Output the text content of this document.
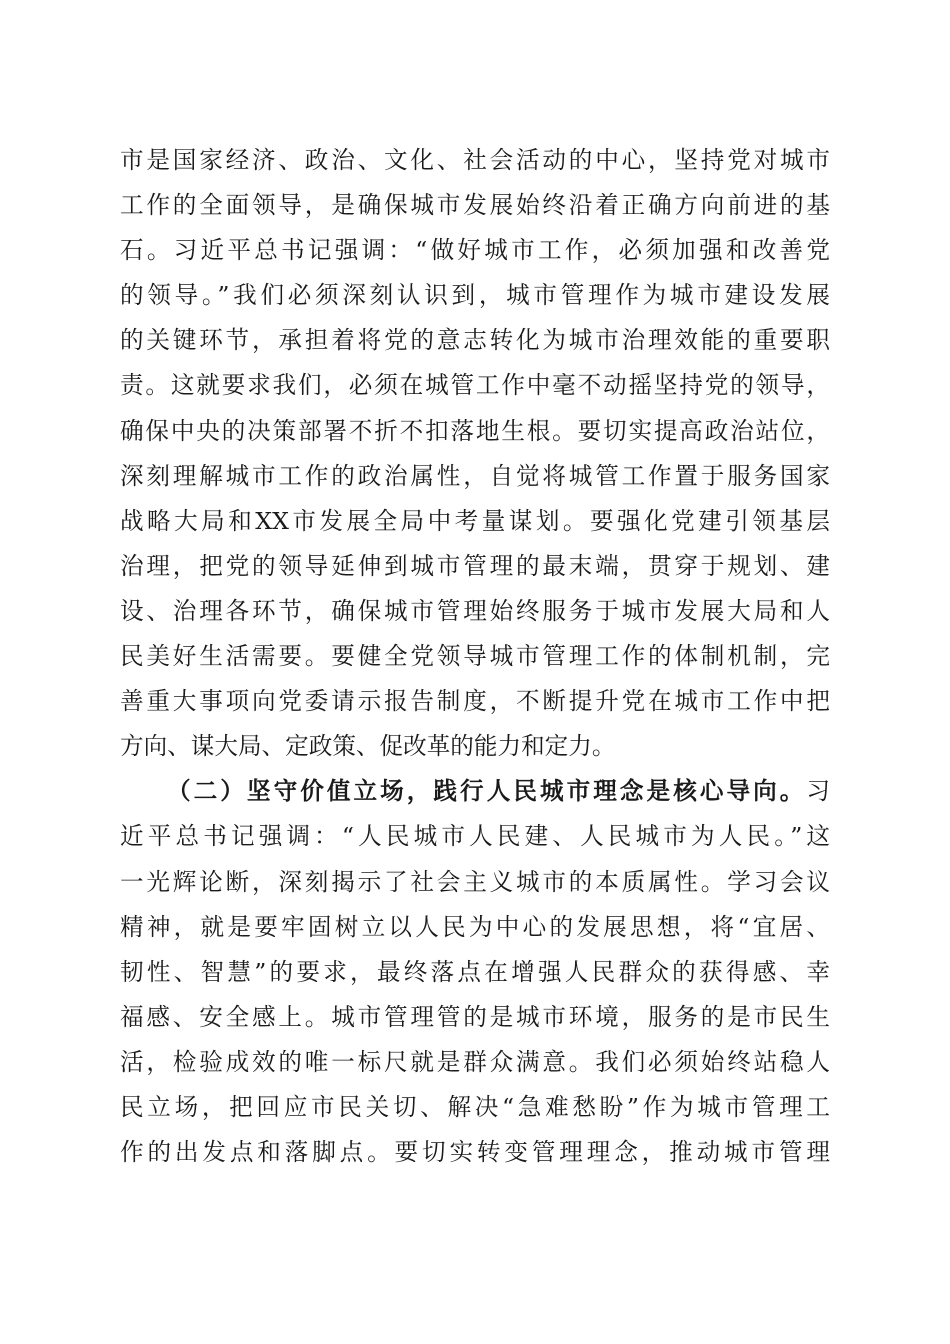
市是国家经济、政治、文化、社会活动的中心，坚持党对城市
工作的全面领导，是确保城市发展始终沿着正确方向前进的基
石。习近平总书记强调：“做好城市工作，必须加强和改善党
的领导。”我们必须深刻认识到，城市管理作为城市建设发展
的关键环节，承担着将党的意志转化为城市治理效能的重要职
责。这就要求我们，必须在城管工作中毫不动摇坚持党的领导，
确保中央的决策部署不折不扣落地生根。要切实提高政治站位，
深刻理解城市工作的政治属性，自觉将城管工作置于服务国家
战略大局和XX市发展全局中考量谋划。要强化党建引领基层
治理，把党的领导延伸到城市管理的最末端，贯穿于规划、建
设、治理各环节，确保城市管理始终服务于城市发展大局和人
民美好生活需要。要健全党领导城市管理工作的体制机制，完
善重大事项向党委请示报告制度，不断提升党在城市工作中把
方向、谋大局、定政策、促改革的能力和定力。
（二）坚守价值立场，践行人民城市理念是核心导向。习
近平总书记强调：“人民城市人民建、人民城市为人民。”这
一光辉论断，深刻揭示了社会主义城市的本质属性。学习会议
精神，就是要牢固树立以人民为中心的发展思想，将“宜居、
韧性、智慧”的要求，最终落点在增强人民群众的获得感、幸
福感、安全感上。城市管理管的是城市环境，服务的是市民生
活，检验成效的唯一标尺就是群众满意。我们必须始终站稳人
民立场，把回应市民关切、解决“急难愁盼”作为城市管理工
作的出发点和落脚点。要切实转变管理理念，推动城市管理
